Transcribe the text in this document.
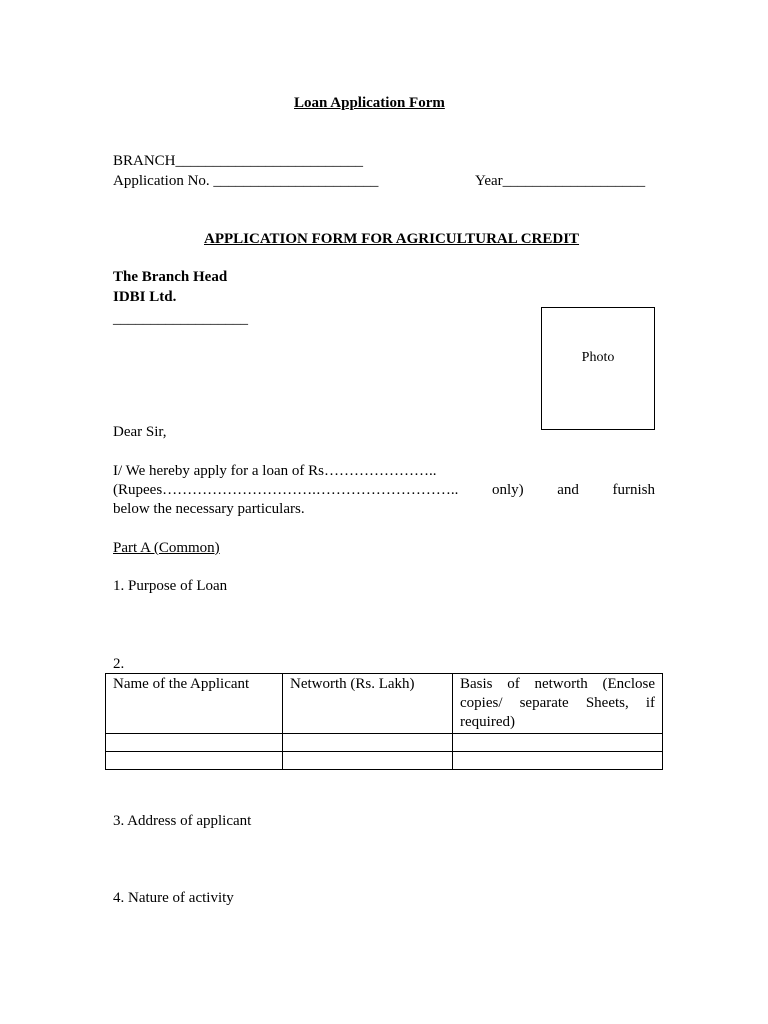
Loan Application Form
BRANCH_________________________
Application No. ______________________	Year___________________
APPLICATION FORM FOR AGRICULTURAL CREDIT
The Branch Head
IDBI Ltd.
__________________
Photo
Dear Sir,
I/ We hereby apply for a loan of Rs…………………..
(Rupees………………………….……………………….. only) and furnish
below the necessary particulars.
Part A (Common)
1. Purpose of Loan
2.
Name of the Applicant	Networth (Rs. Lakh)	Basis of networth (Enclose copies/ separate Sheets, if required)

3. Address of applicant
4. Nature of activity
